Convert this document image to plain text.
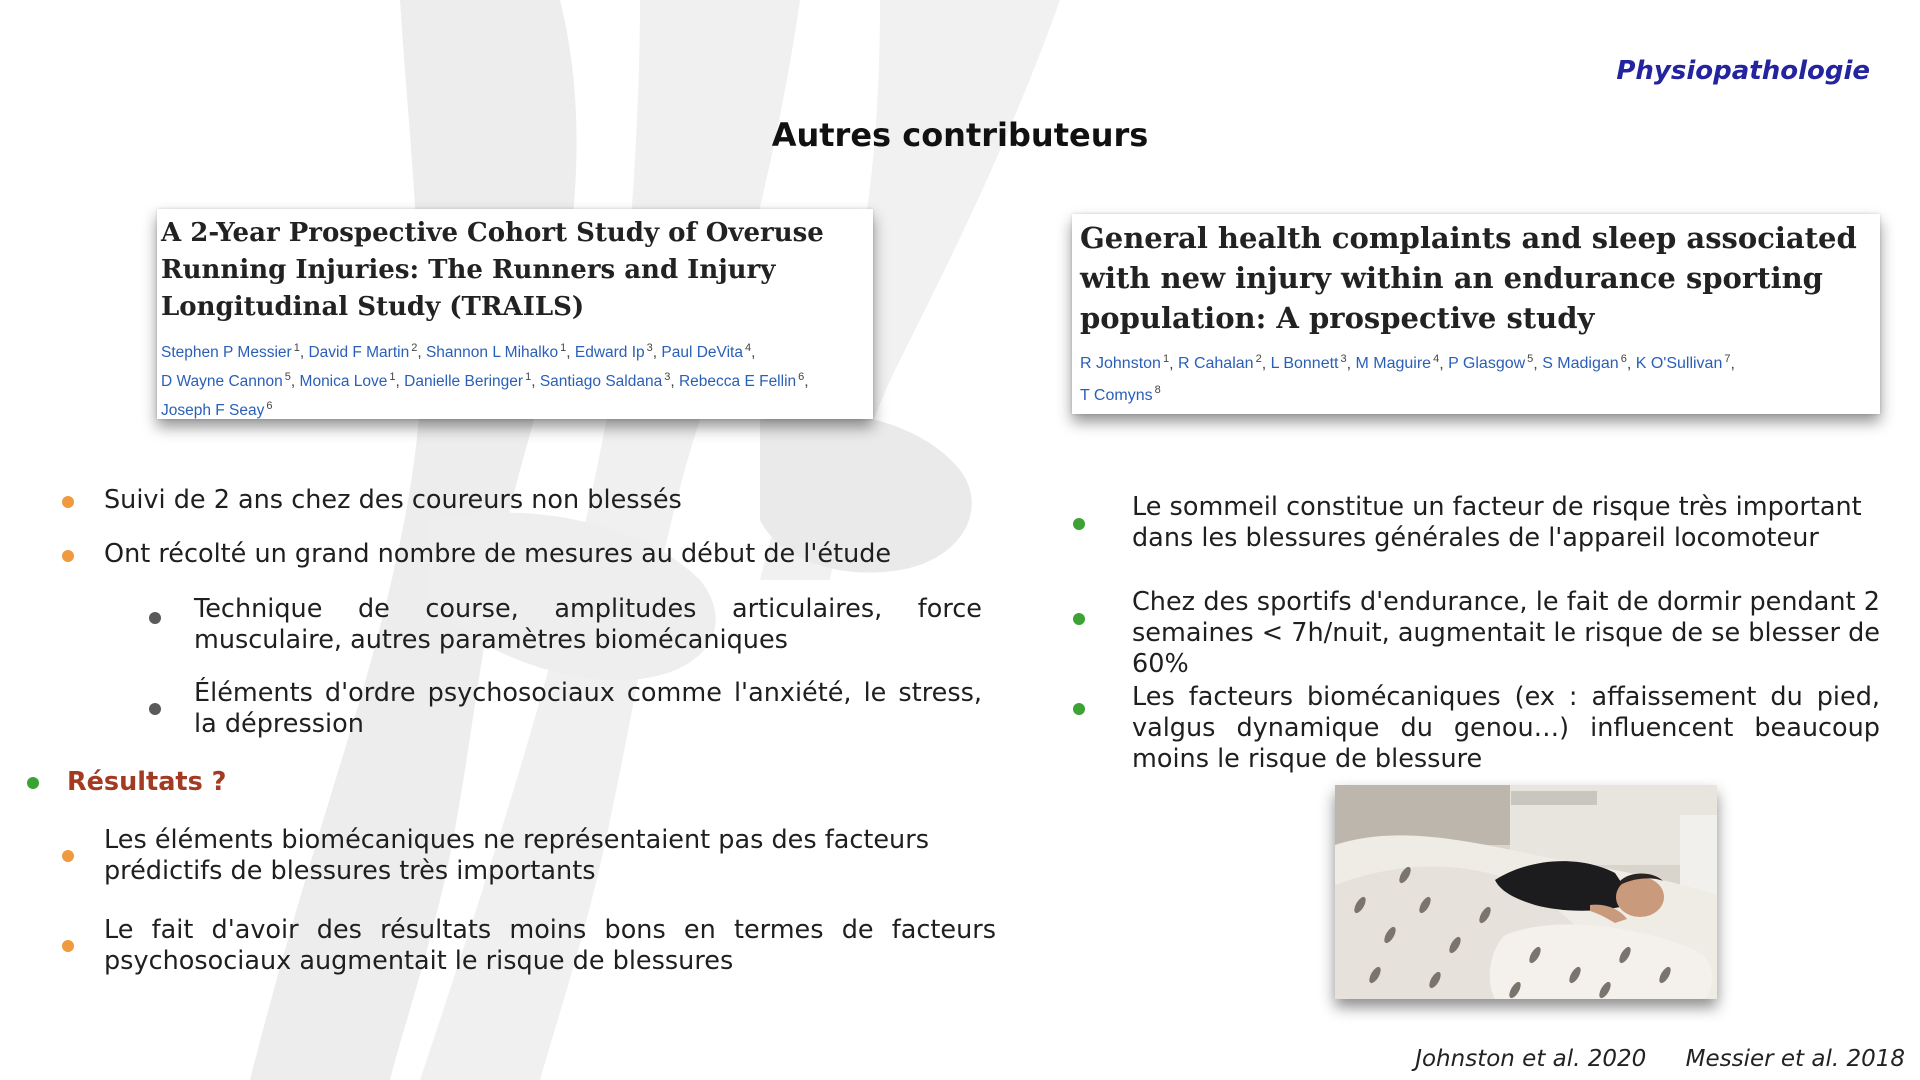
Physiopathologie
Autres contributeurs
A 2-Year Prospective Cohort Study of Overuse Running Injuries: The Runners and Injury Longitudinal Study (TRAILS)
Stephen P Messier $^1$, David F Martin $^2$, Shannon L Mihalko $^1$, Edward Ip $^3$, Paul DeVita $^4$,
D Wayne Cannon $^5$, Monica Love $^1$, Danielle Beringer $^1$, Santiago Saldana $^3$, Rebecca E Fellin $^6$,
Joseph F Seay $^6$
General health complaints and sleep associated with new injury within an endurance sporting population: A prospective study
R Johnston $^1$, R Cahalan $^2$, L Bonnett $^3$, M Maguire $^4$, P Glasgow $^5$, S Madigan $^6$, K O'Sullivan $^7$,
T Comyns $^8$
Suivi de 2 ans chez des coureurs non blessés
Ont récolté un grand nombre de mesures au début de l'étude
Technique de course, amplitudes articulaires, force musculaire, autres paramètres biomécaniques
Éléments d'ordre psychosociaux comme l'anxiété, le stress, la dépression
Résultats ?
Les éléments biomécaniques ne représentaient pas des facteurs prédictifs de blessures très importants
Le fait d'avoir des résultats moins bons en termes de facteurs psychosociaux augmentait le risque de blessures
Le sommeil constitue un facteur de risque très important dans les blessures générales de l'appareil locomoteur
Chez des sportifs d'endurance, le fait de dormir pendant 2 semaines < 7h/nuit, augmentait le risque de se blesser de 60%
Les facteurs biomécaniques (ex : affaissement du pied, valgus dynamique du genou…) influencent beaucoup moins le risque de blessure
Johnston et al. 2020 Messier et al. 2018
